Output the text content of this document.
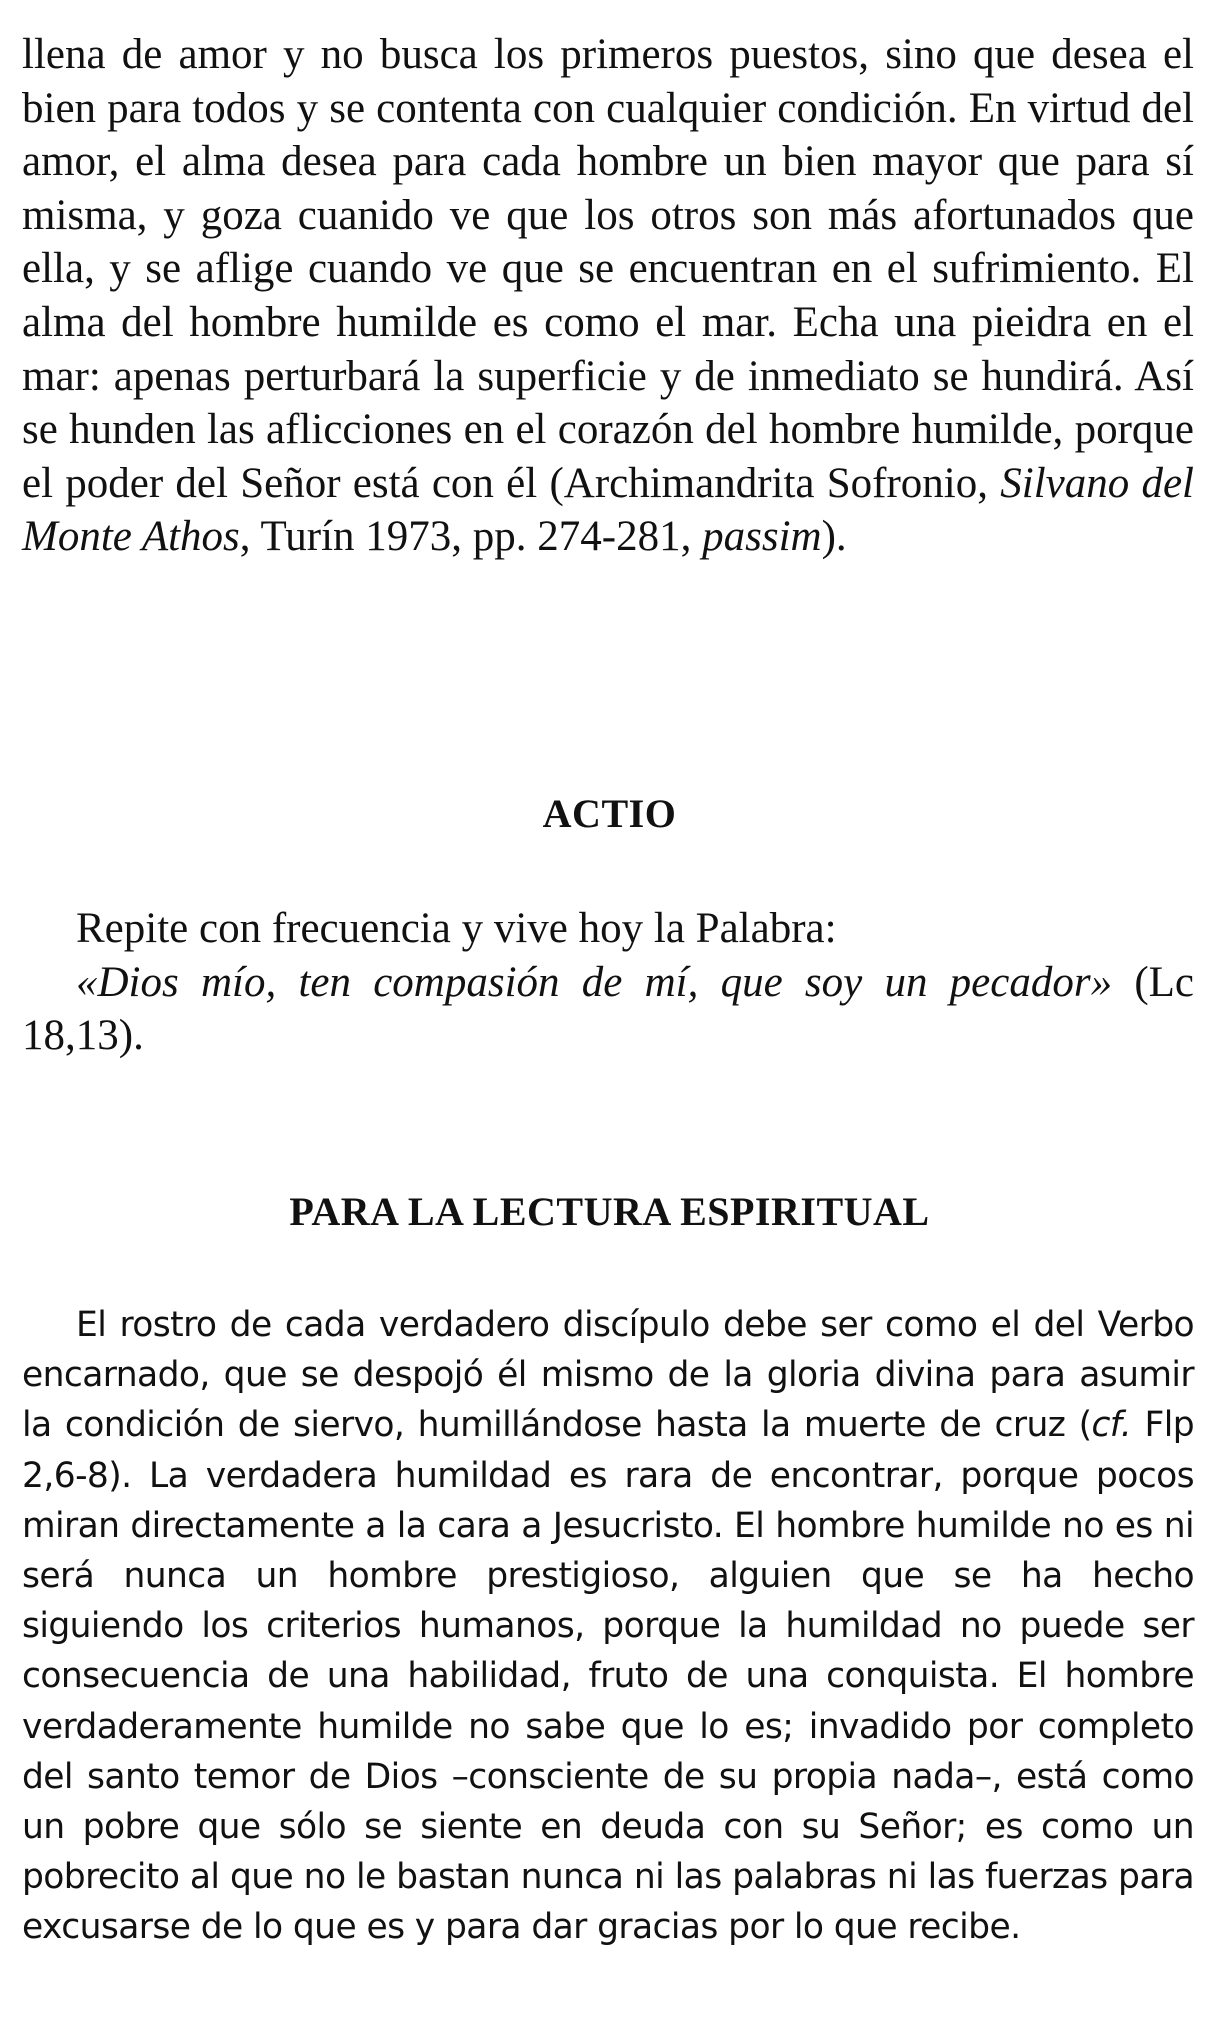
llena de amor y no busca los primeros puestos, sino que desea el bien para todos y se contenta con cualquier condición. En virtud del amor, el alma desea para cada hombre un bien mayor que para sí misma, y goza cuanido ve que los otros son más afortunados que ella, y se aflige cuando ve que se encuentran en el sufrimiento. El alma del hombre humilde es como el mar. Echa una pieidra en el mar: apenas perturbará la superficie y de inmediato se hundirá. Así se hunden las aflicciones en el corazón del hombre humilde, porque el poder del Señor está con él (Archimandrita Sofronio, Silvano del Monte Athos, Turín 1973, pp. 274-281, passim).

ACTIO
Repite con frecuencia y vive hoy la Palabra:
«Dios mío, ten compasión de mí, que soy un pecador» (Lc 18,13).
PARA LA LECTURA ESPIRITUAL

El rostro de cada verdadero discípulo debe ser como el del Verbo encarnado, que se despojó él mismo de la gloria divina para asumir la condición de siervo, humillándose hasta la muerte de cruz (cf. Flp 2,6-8). La verdadera humildad es rara de encontrar, porque pocos miran directamente a la cara a Jesucristo. El hombre humilde no es ni será nunca un hombre prestigioso, alguien que se ha hecho siguiendo los criterios humanos, porque la humildad no puede ser consecuencia de una habilidad, fruto de una conquista. El hombre verdaderamente humilde no sabe que lo es; invadido por completo del santo temor de Dios –consciente de su propia nada–, está como un pobre que sólo se siente en deuda con su Señor; es como un pobrecito al que no le bastan nunca ni las palabras ni las fuerzas para excusarse de lo que es y para dar gracias por lo que recibe.
